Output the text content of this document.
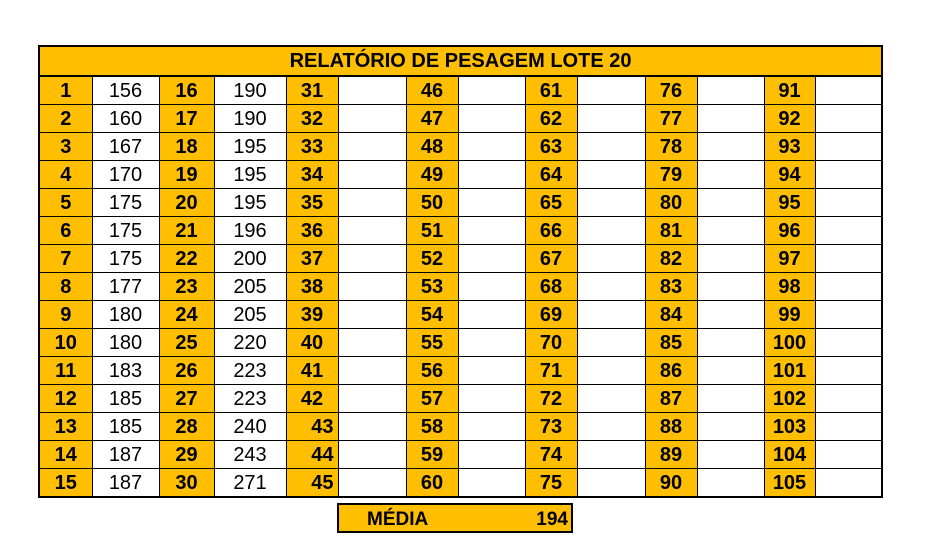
RELATÓRIO DE PESAGEM LOTE 20													
1	156	16	190	31		46		61		76		91	
2	160	17	190	32		47		62		77		92	
3	167	18	195	33		48		63		78		93	
4	170	19	195	34		49		64		79		94	
5	175	20	195	35		50		65		80		95	
6	175	21	196	36		51		66		81		96	
7	175	22	200	37		52		67		82		97	
8	177	23	205	38		53		68		83		98	
9	180	24	205	39		54		69		84		99	
10	180	25	220	40		55		70		85		100	
11	183	26	223	41		56		71		86		101	
12	185	27	223	42		57		72		87		102	
13	185	28	240	43		58		73		88		103	
14	187	29	243	44		59		74		89		104	
15	187	30	271	45		60		75		90		105	
MÉDIA	194
